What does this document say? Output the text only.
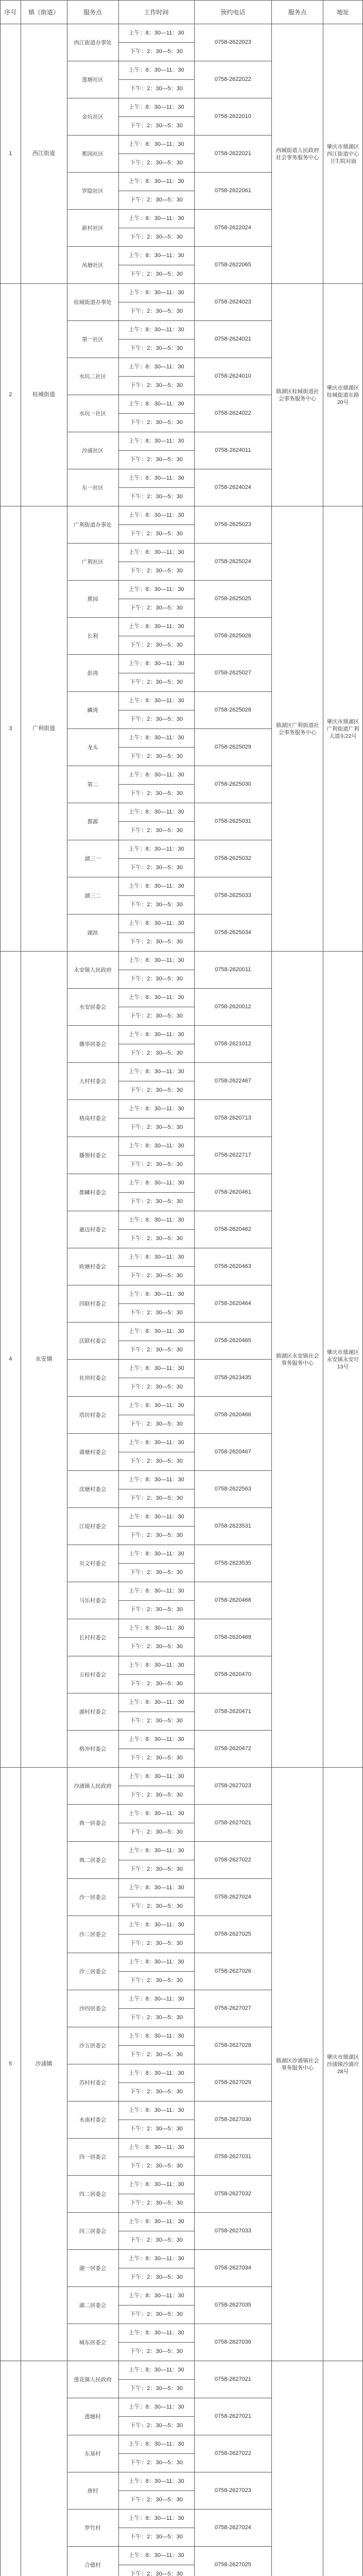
序号	镇（街道）	服务点	工作时间	预约电话	服务点	地址
1	西江街道	西江街道办事处	上午：8：30—11：30	0758-2622023	西城街道人民政府社会事务服务中心	肇庆市鼎湖区西江街道中心卫生院对面
			下午：2：30—5：30			
		莲塘社区	上午：8：30—11：30	0758-2622022		
			下午：2：30—5：30			
		金坑社区	上午：8：30—11：30	0758-2622010		
			下午：2：30—5：30			
		蕉园社区	上午：8：30—11：30	0758-2622021		
			下午：2：30—5：30			
		罗隐社区	上午：8：30—11：30	0758-2622061		
			下午：2：30—5：30			
		新村社区	上午：8：30—11：30	0758-2622024		
			下午：2：30—5：30			
		凤塘社区	上午：8：30—11：30	0758-2622065		
			下午：2：30—5：30			
2	桂城街道	桂城街道办事处	上午：8：30—11：30	0758-2624023	鼎湖区桂城街道社会事务服务中心	肇庆市鼎湖区桂城街道东路20号
			下午：2：30—5：30			
		第一社区	上午：8：30—11：30	0758-2624021		
			下午：2：30—5：30			
		水坑二社区	上午：8：30—11：30	0758-2624010		
			下午：2：30—5：30			
		水坑一社区	上午：8：30—11：30	0758-2624022		
			下午：2：30—5：30			
		沙浦社区	上午：8：30—11：30	0758-2624011		
			下午：2：30—5：30			
		东一社区	上午：8：30—11：30	0758-2624024		
			下午：2：30—5：30			
3	广利街道	广利街道办事处	上午：8：30—11：30	0758-2625023	鼎湖区广利街道社会事务服务中心	肇庆市鼎湖区广利街道广利大道东22号
			下午：2：30—5：30			
		广利社区	上午：8：30—11：30	0758-2625024		
			下午：2：30—5：30			
		蕉园	上午：8：30—11：30	0758-2625025		
			下午：2：30—5：30			
		长利	上午：8：30—11：30	0758-2625026		
			下午：2：30—5：30			
		彭湾	上午：8：30—11：30	0758-2625027		
			下午：2：30—5：30			
		鳞湾	上午：8：30—11：30	0758-2625028		
			下午：2：30—5：30			
		龙头	上午：8：30—11：30	0758-2625029		
			下午：2：30—5：30			
		第二	上午：8：30—11：30	0758-2625030		
			下午：2：30—5：30			
		都源	上午：8：30—11：30	0758-2625031		
			下午：2：30—5：30			
		湖三一	上午：8：30—11：30	0758-2625032		
			下午：2：30—5：30			
		湖三二	上午：8：30—11：30	0758-2625033		
			下午：2：30—5：30			
		湖滨	上午：8：30—11：30	0758-2625034		
			下午：2：30—5：30			
4	永安镇	永安镇人民政府	上午：8：30—11：30	0758-2620011	鼎湖区永安镇社会事务服务中心	肇庆市鼎湖区永安镇永安圩13号
			下午：2：30—5：30			
		水安居委会	上午：8：30—11：30	0758-2620012		
			下午：2：30—5：30			
		播华居委会	上午：8：30—11：30	0758-2621012		
			下午：2：30—5：30			
		大村村委会	上午：8：30—11：30	0758-2622467		
			下午：2：30—5：30			
		格岗村委会	上午：8：30—11：30	0758-2620713		
			下午：2：30—5：30			
		播领村委会	上午：8：30—11：30	0758-2622717		
			下午：2：30—5：30			
		都鳞村委会	上午：8：30—11：30	0758-2620461		
			下午：2：30—5：30			
		惠迈村委会	上午：8：30—11：30	0758-2620462		
			下午：2：30—5：30			
		欧塘村委会	上午：8：30—11：30	0758-2620463		
			下午：2：30—5：30			
		四联村委会	上午：8：30—11：30	0758-2620464		
			下午：2：30—5：30			
		沃联村委会	上午：8：30—11：30	0758-2620465		
			下午：2：30—5：30			
		社坝村委会	上午：8：30—11：30	0758-2623435		
			下午：2：30—5：30			
		塔坊村委会	上午：8：30—11：30	0758-2620466		
			下午：2：30—5：30			
		蒲塘村委会	上午：8：30—11：30	0758-2620467		
			下午：2：30—5：30			
		沈塘村委会	上午：8：30—11：30	0758-2622563		
			下午：2：30—5：30			
		江堤村委会	上午：8：30—11：30	0758-2623531		
			下午：2：30—5：30			
		贝文村委会	上午：8：30—11：30	0758-2623535		
			下午：2：30—5：30			
		马乐村委会	上午：8：30—11：30	0758-2620468		
			下午：2：30—5：30			
		长村村委会	上午：8：30—11：30	0758-2620469		
			下午：2：30—5：30			
		五桂村委会	上午：8：30—11：30	0758-2620470		
			下午：2：30—5：30			
		湖村村委会	上午：8：30—11：30	0758-2620471		
			下午：2：30—5：30			
		格冲村委会	上午：8：30—11：30	0758-2620472		
			下午：2：30—5：30			
5	沙浦镇	沙浦镇人民政府	上午：8：30—11：30	0758-2627023	鼎湖区沙浦镇社会事务服务中心	肇庆市鼎湖区沙浦镇沙浦圩28号
			下午：2：30—5：30			
		典一居委会	上午：8：30—11：30	0758-2627021		
			下午：2：30—5：30			
		典二居委会	上午：8：30—11：30	0758-2627022		
			下午：2：30—5：30			
		沙一居委会	上午：8：30—11：30	0758-2627024		
			下午：2：30—5：30			
		沙二居委会	上午：8：30—11：30	0758-2627025		
			下午：2：30—5：30			
		沙三居委会	上午：8：30—11：30	0758-2627026		
			下午：2：30—5：30			
		沙四居委会	上午：8：30—11：30	0758-2627027		
			下午：2：30—5：30			
		沙五居委会	上午：8：30—11：30	0758-2627028		
			下午：2：30—5：30			
		苏村村委会	上午：8：30—11：30	0758-2627029		
			下午：2：30—5：30			
		水南村委会	上午：8：30—11：30	0758-2627030		
			下午：2：30—5：30			
		四一居委会	上午：8：30—11：30	0758-2627031		
			下午：2：30—5：30			
		四二居委会	上午：8：30—11：30	0758-2627032		
			下午：2：30—5：30			
		四三居委会	上午：8：30—11：30	0758-2627033		
			下午：2：30—5：30			
		湖一居委会	上午：8：30—11：30	0758-2627034		
			下午：2：30—5：30			
		湖二居委会	上午：8：30—11：30	0758-2627035		
			下午：2：30—5：30			
		城东居委会	上午：8：30—11：30	0758-2627036		
			下午：2：30—5：30			
		莲花镇人民政府	上午：8：30—11：30	0758-2627021		
			下午：2：30—5：30			
		莲塘村	上午：8：30—11：30	0758-2627021		
			下午：2：30—5：30			
		东基村	上午：8：30—11：30	0758-2627022		
			下午：2：30—5：30			
		唐村	上午：8：30—11：30	0758-2627023		
			下午：2：30—5：30			
		罗竹村	上午：8：30—11：30	0758-2627024		
			下午：2：30—5：30			
		合德村	上午：8：30—11：30	0758-2627025		
			下午：2：30—5：30			
